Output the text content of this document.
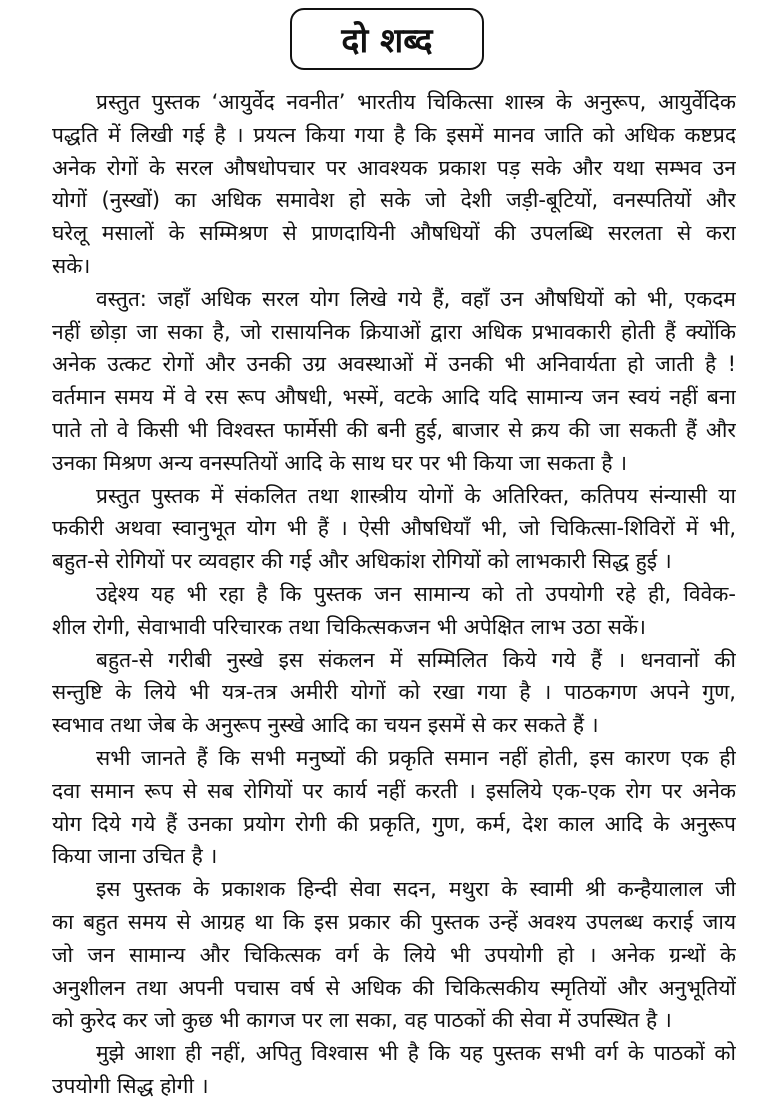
दो शब्द
प्रस्तुत पुस्तक ‘आयुर्वेद नवनीत’ भारतीय चिकित्सा शास्त्र के अनुरूप, आयुर्वेदिक
पद्धति में लिखी गई है । प्रयत्न किया गया है कि इसमें मानव जाति को अधिक कष्टप्रद
अनेक रोगों के सरल औषधोपचार पर आवश्यक प्रकाश पड़ सके और यथा सम्भव उन
योगों (नुस्खों) का अधिक समावेश हो सके जो देशी जड़ी-बूटियों, वनस्पतियों और
घरेलू मसालों के सम्मिश्रण से प्राणदायिनी औषधियों की उपलब्धि सरलता से करा
सके।
वस्तुत: जहाँ अधिक सरल योग लिखे गये हैं, वहाँ उन औषधियों को भी, एकदम
नहीं छोड़ा जा सका है, जो रासायनिक क्रियाओं द्वारा अधिक प्रभावकारी होती हैं क्योंकि
अनेक उत्कट रोगों और उनकी उग्र अवस्थाओं में उनकी भी अनिवार्यता हो जाती है !
वर्तमान समय में वे रस रूप औषधी, भस्में, वटके आदि यदि सामान्य जन स्वयं नहीं बना
पाते तो वे किसी भी विश्वस्त फार्मेसी की बनी हुई, बाजार से क्रय की जा सकती हैं और
उनका मिश्रण अन्य वनस्पतियों आदि के साथ घर पर भी किया जा सकता है ।
प्रस्तुत पुस्तक में संकलित तथा शास्त्रीय योगों के अतिरिक्त, कतिपय संन्यासी या
फकीरी अथवा स्वानुभूत योग भी हैं । ऐसी औषधियाँ भी, जो चिकित्सा-शिविरों में भी,
बहुत-से रोगियों पर व्यवहार की गई और अधिकांश रोगियों को लाभकारी सिद्ध हुई ।
उद्देश्य यह भी रहा है कि पुस्तक जन सामान्य को तो उपयोगी रहे ही, विवेक-
शील रोगी, सेवाभावी परिचारक तथा चिकित्सकजन भी अपेक्षित लाभ उठा सकें।
बहुत-से गरीबी नुस्खे इस संकलन में सम्मिलित किये गये हैं । धनवानों की
सन्तुष्टि के लिये भी यत्र-तत्र अमीरी योगों को रखा गया है । पाठकगण अपने गुण,
स्वभाव तथा जेब के अनुरूप नुस्खे आदि का चयन इसमें से कर सकते हैं ।
सभी जानते हैं कि सभी मनुष्यों की प्रकृति समान नहीं होती, इस कारण एक ही
दवा समान रूप से सब रोगियों पर कार्य नहीं करती । इसलिये एक-एक रोग पर अनेक
योग दिये गये हैं उनका प्रयोग रोगी की प्रकृति, गुण, कर्म, देश काल आदि के अनुरूप
किया जाना उचित है ।
इस पुस्तक के प्रकाशक हिन्दी सेवा सदन, मथुरा के स्वामी श्री कन्हैयालाल जी
का बहुत समय से आग्रह था कि इस प्रकार की पुस्तक उन्हें अवश्य उपलब्ध कराई जाय
जो जन सामान्य और चिकित्सक वर्ग के लिये भी उपयोगी हो । अनेक ग्रन्थों के
अनुशीलन तथा अपनी पचास वर्ष से अधिक की चिकित्सकीय स्मृतियों और अनुभूतियों
को कुरेद कर जो कुछ भी कागज पर ला सका, वह पाठकों की सेवा में उपस्थित है ।
मुझे आशा ही नहीं, अपितु विश्वास भी है कि यह पुस्तक सभी वर्ग के पाठकों को
उपयोगी सिद्ध होगी ।
